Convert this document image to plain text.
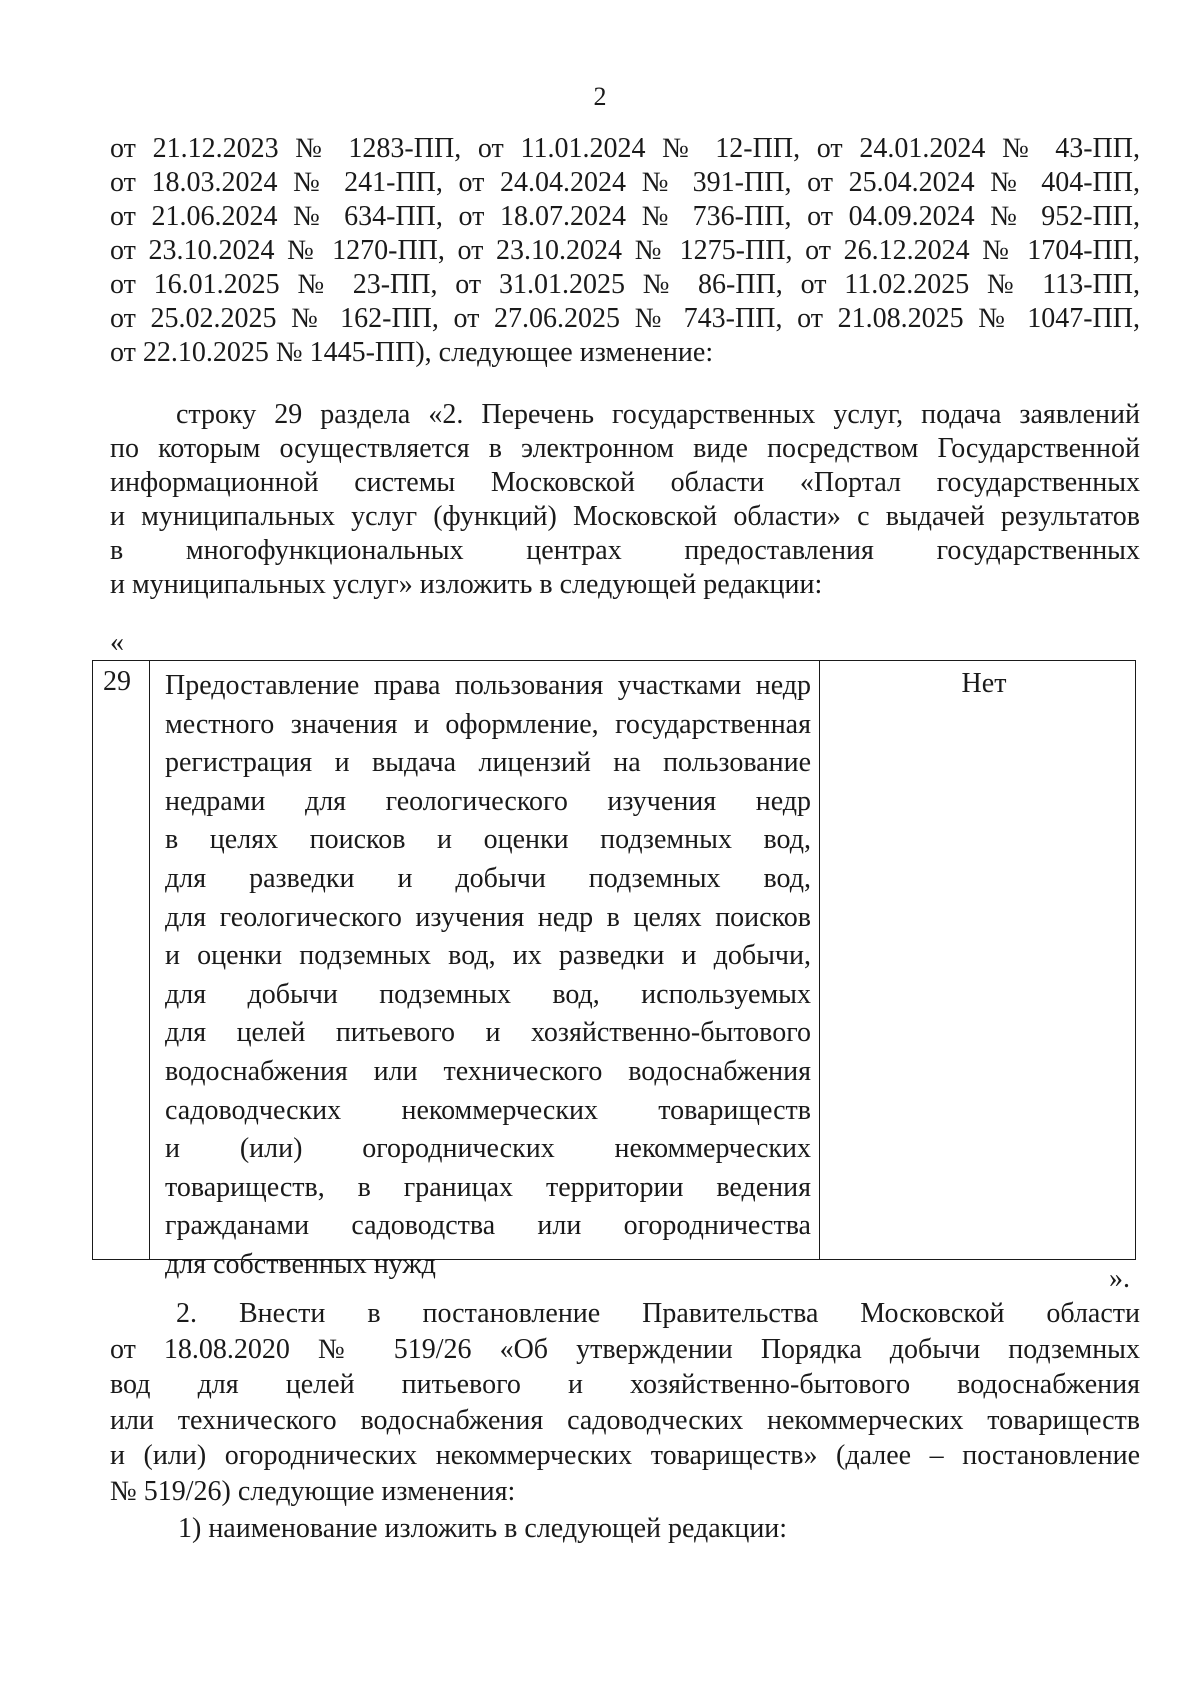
2
от 21.12.2023 № 1283-ПП, от 11.01.2024 № 12-ПП, от 24.01.2024 № 43-ПП,
от 18.03.2024 № 241-ПП, от 24.04.2024 № 391-ПП, от 25.04.2024 № 404-ПП,
от 21.06.2024 № 634-ПП, от 18.07.2024 № 736-ПП, от 04.09.2024 № 952-ПП,
от 23.10.2024 № 1270-ПП, от 23.10.2024 № 1275-ПП, от 26.12.2024 № 1704-ПП,
от 16.01.2025 № 23-ПП, от 31.01.2025 № 86-ПП, от 11.02.2025 № 113-ПП,
от 25.02.2025 № 162-ПП, от 27.06.2025 № 743-ПП, от 21.08.2025 № 1047-ПП,
от 22.10.2025 № 1445-ПП), следующее изменение:
строку 29 раздела «2. Перечень государственных услуг, подача заявлений
по которым осуществляется в электронном виде посредством Государственной
информационной системы Московской области «Портал государственных
и муниципальных услуг (функций) Московской области» с выдачей результатов
в многофункциональных центрах предоставления государственных
и муниципальных услуг» изложить в следующей редакции:
«
29 Предоставление права пользования участками недр
местного значения и оформление, государственная
регистрация и выдача лицензий на пользование
недрами для геологического изучения недр
в целях поисков и оценки подземных вод,
для разведки и добычи подземных вод,
для геологического изучения недр в целях поисков
и оценки подземных вод, их разведки и добычи,
для добычи подземных вод, используемых
для целей питьевого и хозяйственно-бытового
водоснабжения или технического водоснабжения
садоводческих некоммерческих товариществ
и (или) огороднических некоммерческих
товариществ, в границах территории ведения
гражданами садоводства или огородничества
для собственных нужд
Нет
».
2. Внести в постановление Правительства Московской области
от 18.08.2020 № 519/26 «Об утверждении Порядка добычи подземных
вод для целей питьевого и хозяйственно-бытового водоснабжения
или технического водоснабжения садоводческих некоммерческих товариществ
и (или) огороднических некоммерческих товариществ» (далее – постановление
№ 519/26) следующие изменения:
1) наименование изложить в следующей редакции:
